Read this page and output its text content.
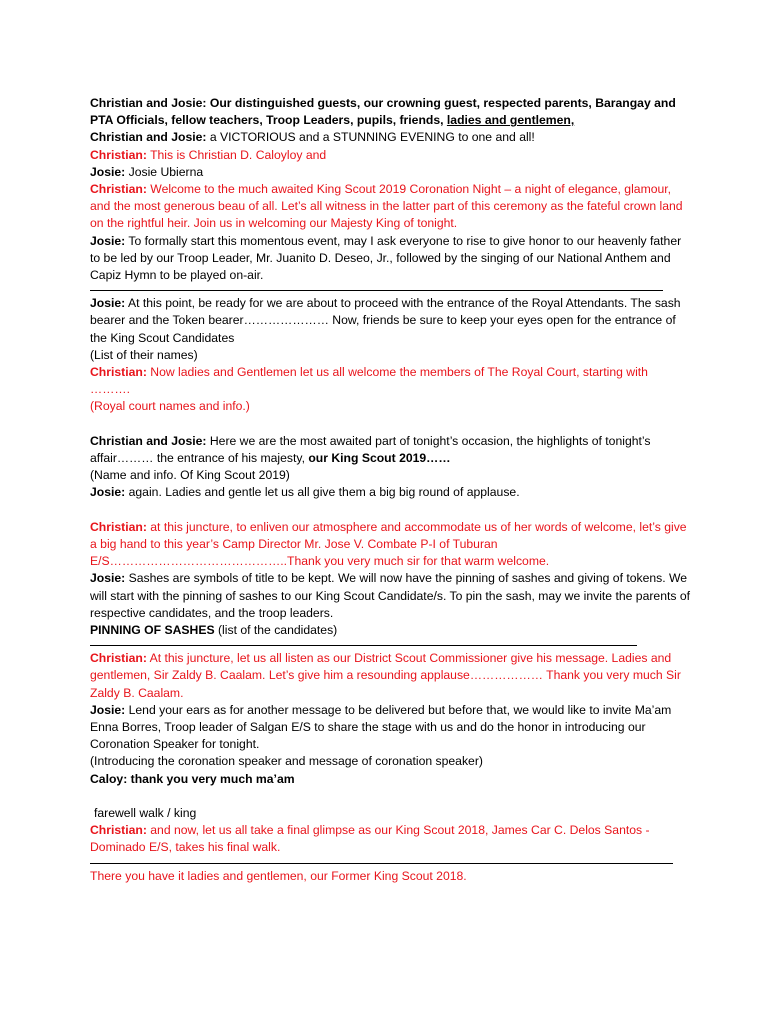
Christian and Josie: Our distinguished guests, our crowning guest, respected parents, Barangay and PTA Officials, fellow teachers, Troop Leaders, pupils, friends, ladies and gentlemen,

Christian and Josie: a VICTORIOUS and a STUNNING EVENING to one and all!

Christian: This is Christian D. Caloyloy and

Josie: Josie Ubierna

Christian: Welcome to the much awaited King Scout 2019 Coronation Night – a night of elegance, glamour, and the most generous beau of all. Let’s all witness in the latter part of this ceremony as the fateful crown land on the rightful heir. Join us in welcoming our Majesty King of tonight.

Josie: To formally start this momentous event, may I ask everyone to rise to give honor to our heavenly father to be led by our Troop Leader, Mr. Juanito D. Deseo, Jr., followed by the singing of our National Anthem and Capiz Hymn to be played on-air.

Josie: At this point, be ready for we are about to proceed with the entrance of the Royal Attendants. The sash bearer and the Token bearer………………… Now, friends be sure to keep your eyes open for the entrance of the King Scout Candidates

(List of their names)

Christian: Now ladies and Gentlemen let us all welcome the members of The Royal Court, starting with ……….

(Royal court names and info.)

Christian and Josie: Here we are the most awaited part of tonight’s occasion, the highlights of tonight’s affair……… the entrance of his majesty, our King Scout 2019……

(Name and info. Of King Scout 2019)

Josie: again. Ladies and gentle let us all give them a big big round of applause.

Christian: at this juncture, to enliven our atmosphere and accommodate us of her words of welcome, let’s give a big hand to this year’s Camp Director Mr. Jose V. Combate P-I of Tuburan E/S……………………………………..Thank you very much sir for that warm welcome.

Josie: Sashes are symbols of title to be kept. We will now have the pinning of sashes and giving of tokens. We will start with the pinning of sashes to our King Scout Candidate/s. To pin the sash, may we invite the parents of respective candidates, and the troop leaders.

PINNING OF SASHES (list of the candidates)

Christian: At this juncture, let us all listen as our District Scout Commissioner give his message. Ladies and gentlemen, Sir Zaldy B. Caalam. Let’s give him a resounding applause……………… Thank you very much Sir Zaldy B. Caalam.

Josie: Lend your ears as for another message to be delivered but before that, we would like to invite Ma’am Enna Borres, Troop leader of Salgan E/S to share the stage with us and do the honor in introducing our Coronation Speaker for tonight.

(Introducing the coronation speaker and message of coronation speaker)

Caloy: thank you very much ma’am

farewell walk / king

Christian: and now, let us all take a final glimpse as our King Scout 2018, James Car C. Delos Santos - Dominado E/S, takes his final walk.

There you have it ladies and gentlemen, our Former King Scout 2018.
